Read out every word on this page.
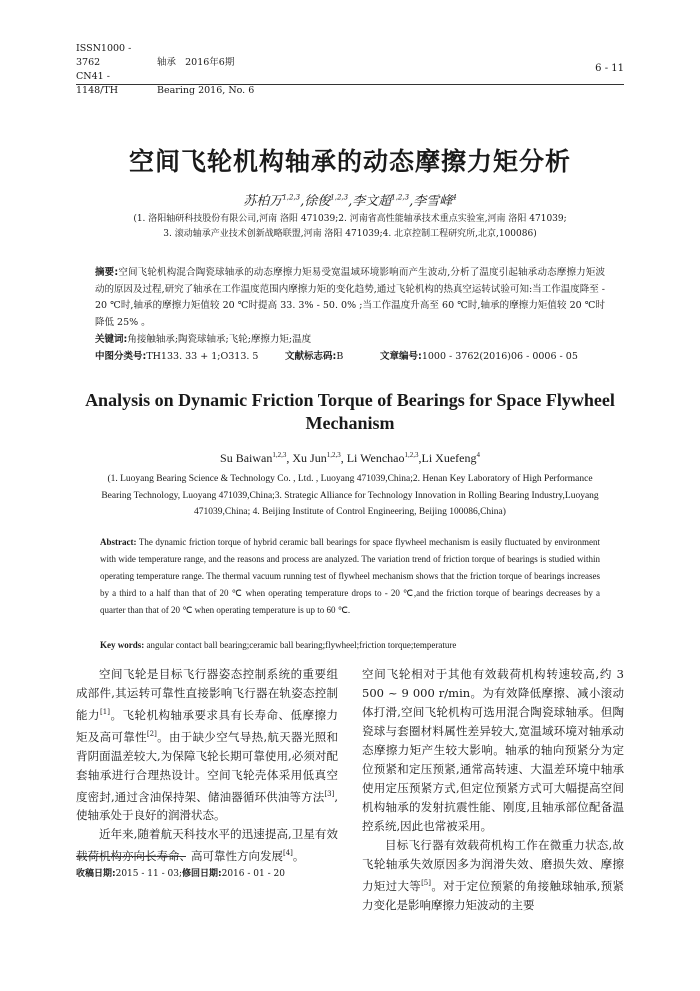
ISSN1000 - 3762	轴承 2016年6期
CN41 - 1148/TH	Bearing 2016, No. 6
6 - 11
空间飞轮机构轴承的动态摩擦力矩分析
苏柏万$^{1,2,3}$,徐俊$^{1,2,3}$,李文超$^{1,2,3}$,李雪峰$^4$
(1. 洛阳轴研科技股份有限公司,河南 洛阳 471039;2. 河南省高性能轴承技术重点实验室,河南 洛阳 471039;
3. 滚动轴承产业技术创新战略联盟,河南 洛阳 471039;4. 北京控制工程研究所,北京,100086)
摘要:空间飞轮机构混合陶瓷球轴承的动态摩擦力矩易受宽温域环境影响而产生波动,分析了温度引起轴承动态摩擦力矩波动的原因及过程,研究了轴承在工作温度范围内摩擦力矩的变化趋势,通过飞轮机构的热真空运转试验可知:当工作温度降至 - 20 ℃时,轴承的摩擦力矩值较 20 ℃时提高 33. 3% - 50. 0% ;当工作温度升高至 60 ℃时,轴承的摩擦力矩值较 20 ℃时降低 25% 。
关键词:角接触轴承;陶瓷球轴承;飞轮;摩擦力矩;温度
中图分类号:TH133. 33 + 1;O313. 5	文献标志码:B	文章编号:1000 - 3762(2016)06 - 0006 - 05
Analysis on Dynamic Friction Torque of Bearings for Space Flywheel Mechanism
Su Baiwan$^{1,2,3}$, Xu Jun$^{1,2,3}$, Li Wenchao$^{1,2,3}$,Li Xuefeng$^4$
(1. Luoyang Bearing Science & Technology Co. , Ltd. , Luoyang 471039,China;2. Henan Key Laboratory of High Performance Bearing Technology, Luoyang 471039,China;3. Strategic Alliance for Technology Innovation in Rolling Bearing Industry,Luoyang 471039,China; 4. Beijing Institute of Control Engineering, Beijing 100086,China)
Abstract: The dynamic friction torque of hybrid ceramic ball bearings for space flywheel mechanism is easily fluctuated by environment with wide temperature range, and the reasons and process are analyzed. The variation trend of friction torque of bearings is studied within operating temperature range. The thermal vacuum running test of flywheel mechanism shows that the friction torque of bearings increases by a third to a half than that of 20 ℃ when operating temperature drops to - 20 ℃,and the friction torque of bearings decreases by a quarter than that of 20 ℃ when operating temperature is up to 60 ℃.
Key words: angular contact ball bearing;ceramic ball bearing;flywheel;friction torque;temperature

空间飞轮是目标飞行器姿态控制系统的重要组成部件,其运转可靠性直接影响飞行器在轨姿态控制能力[1]。飞轮机构轴承要求具有长寿命、低摩擦力矩及高可靠性[2]。由于缺少空气导热,航天器光照和背阴面温差较大,为保障飞轮长期可靠使用,必须对配套轴承进行合理热设计。空间飞轮壳体采用低真空度密封,通过含油保持架、储油器循环供油等方法[3],使轴承处于良好的润滑状态。

近年来,随着航天科技水平的迅速提高,卫星有效载荷机构亦向长寿命、高可靠性方向发展[4]。

收稿日期:2015 - 11 - 03;修回日期:2016 - 01 - 20

空间飞轮相对于其他有效载荷机构转速较高,约 3 500 ~ 9 000 r/min。为有效降低摩擦、减小滚动体打滑,空间飞轮机构可选用混合陶瓷球轴承。但陶瓷球与套圈材料属性差异较大,宽温域环境对轴承动态摩擦力矩产生较大影响。轴承的轴向预紧分为定位预紧和定压预紧,通常高转速、大温差环境中轴承使用定压预紧方式,但定位预紧方式可大幅提高空间机构轴承的发射抗震性能、刚度,且轴承部位配备温控系统,因此也常被采用。

目标飞行器有效载荷机构工作在微重力状态,故飞轮轴承失效原因多为润滑失效、磨损失效、摩擦力矩过大等[5]。对于定位预紧的角接触球轴承,预紧力变化是影响摩擦力矩波动的主要
